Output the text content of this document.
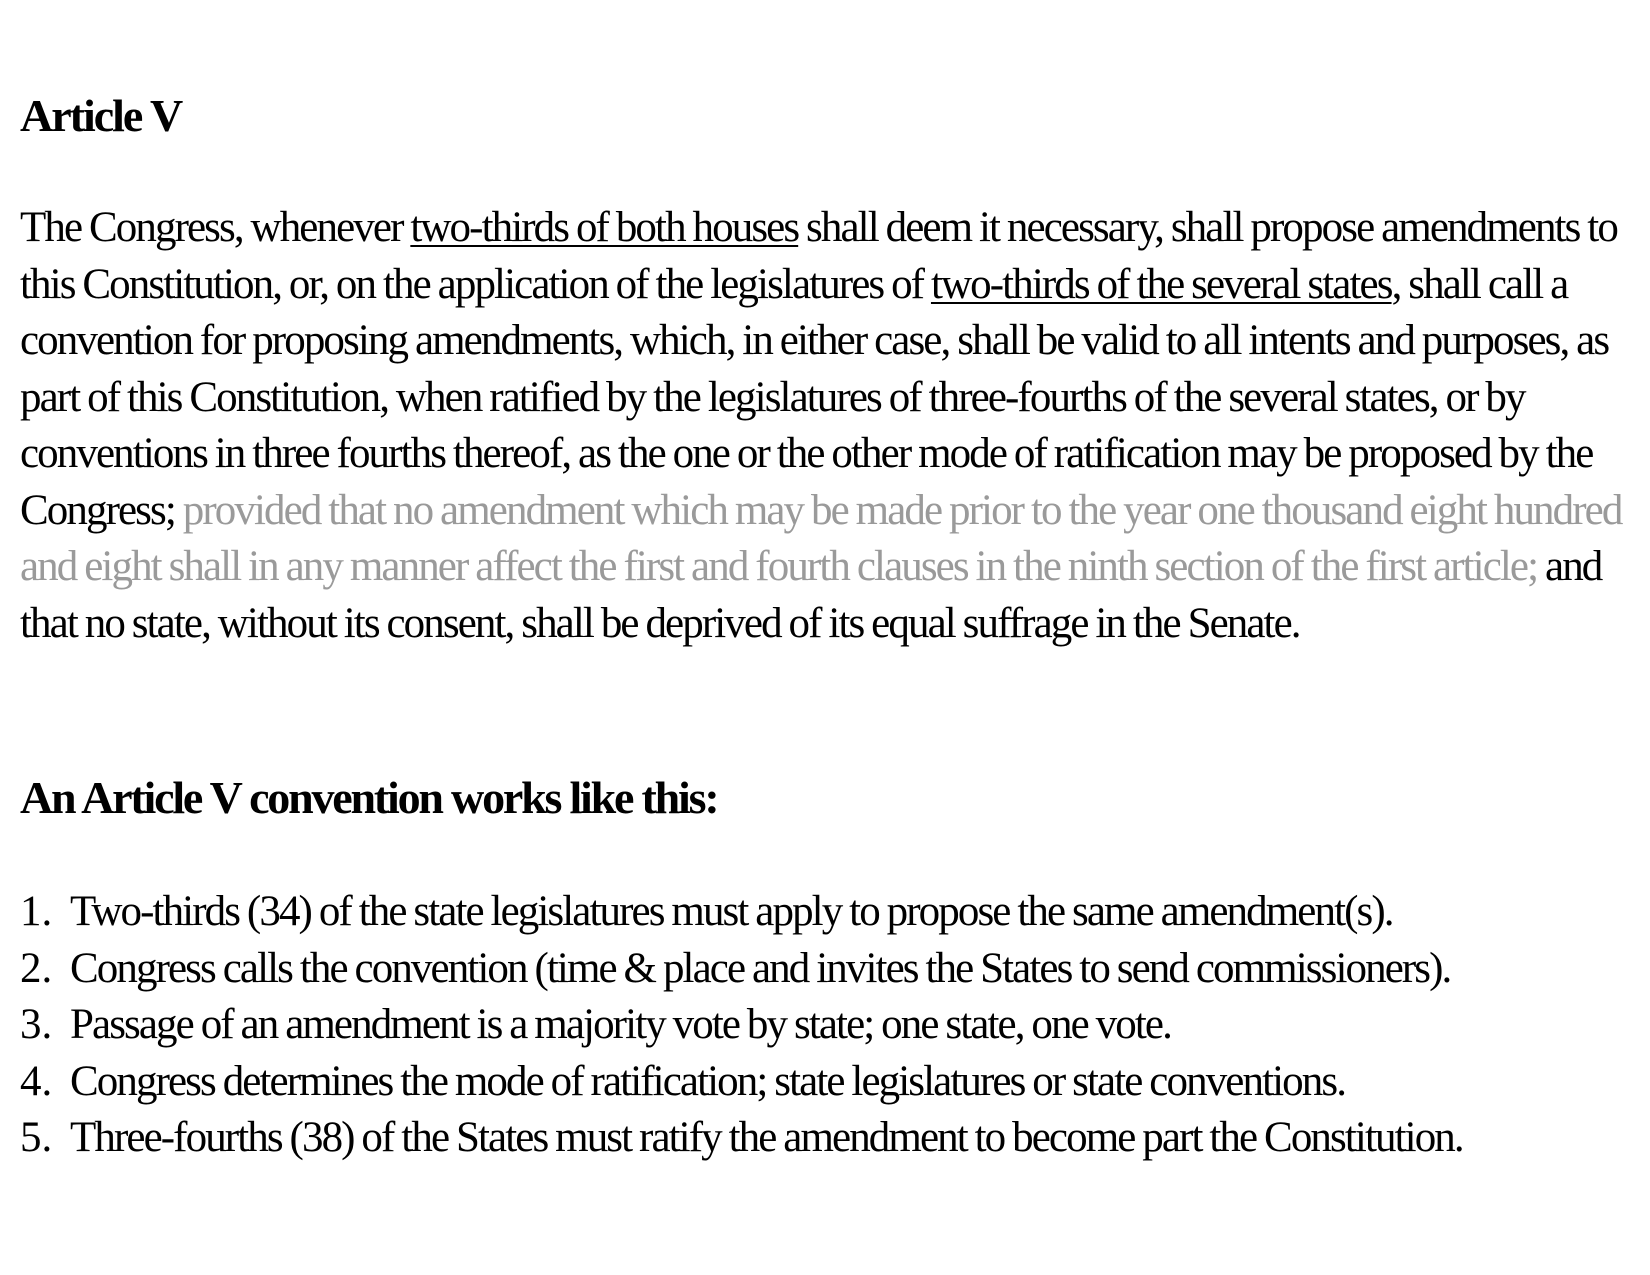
Article V

The Congress, whenever two-thirds of both houses shall deem it necessary, shall propose amendments to this Constitution, or, on the application of the legislatures of two-thirds of the several states, shall call a convention for proposing amendments, which, in either case, shall be valid to all intents and purposes, as part of this Constitution, when ratified by the legislatures of three-fourths of the several states, or by conventions in three fourths thereof, as the one or the other mode of ratification may be proposed by the Congress; provided that no amendment which may be made prior to the year one thousand eight hundred and eight shall in any manner affect the first and fourth clauses in the ninth section of the first article; and that no state, without its consent, shall be deprived of its equal suffrage in the Senate.

An Article V convention works like this:
1. Two-thirds (34) of the state legislatures must apply to propose the same amendment(s).
2. Congress calls the convention (time & place and invites the States to send commissioners).
3. Passage of an amendment is a majority vote by state; one state, one vote.
4. Congress determines the mode of ratification; state legislatures or state conventions.
5. Three-fourths (38) of the States must ratify the amendment to become part the Constitution.
